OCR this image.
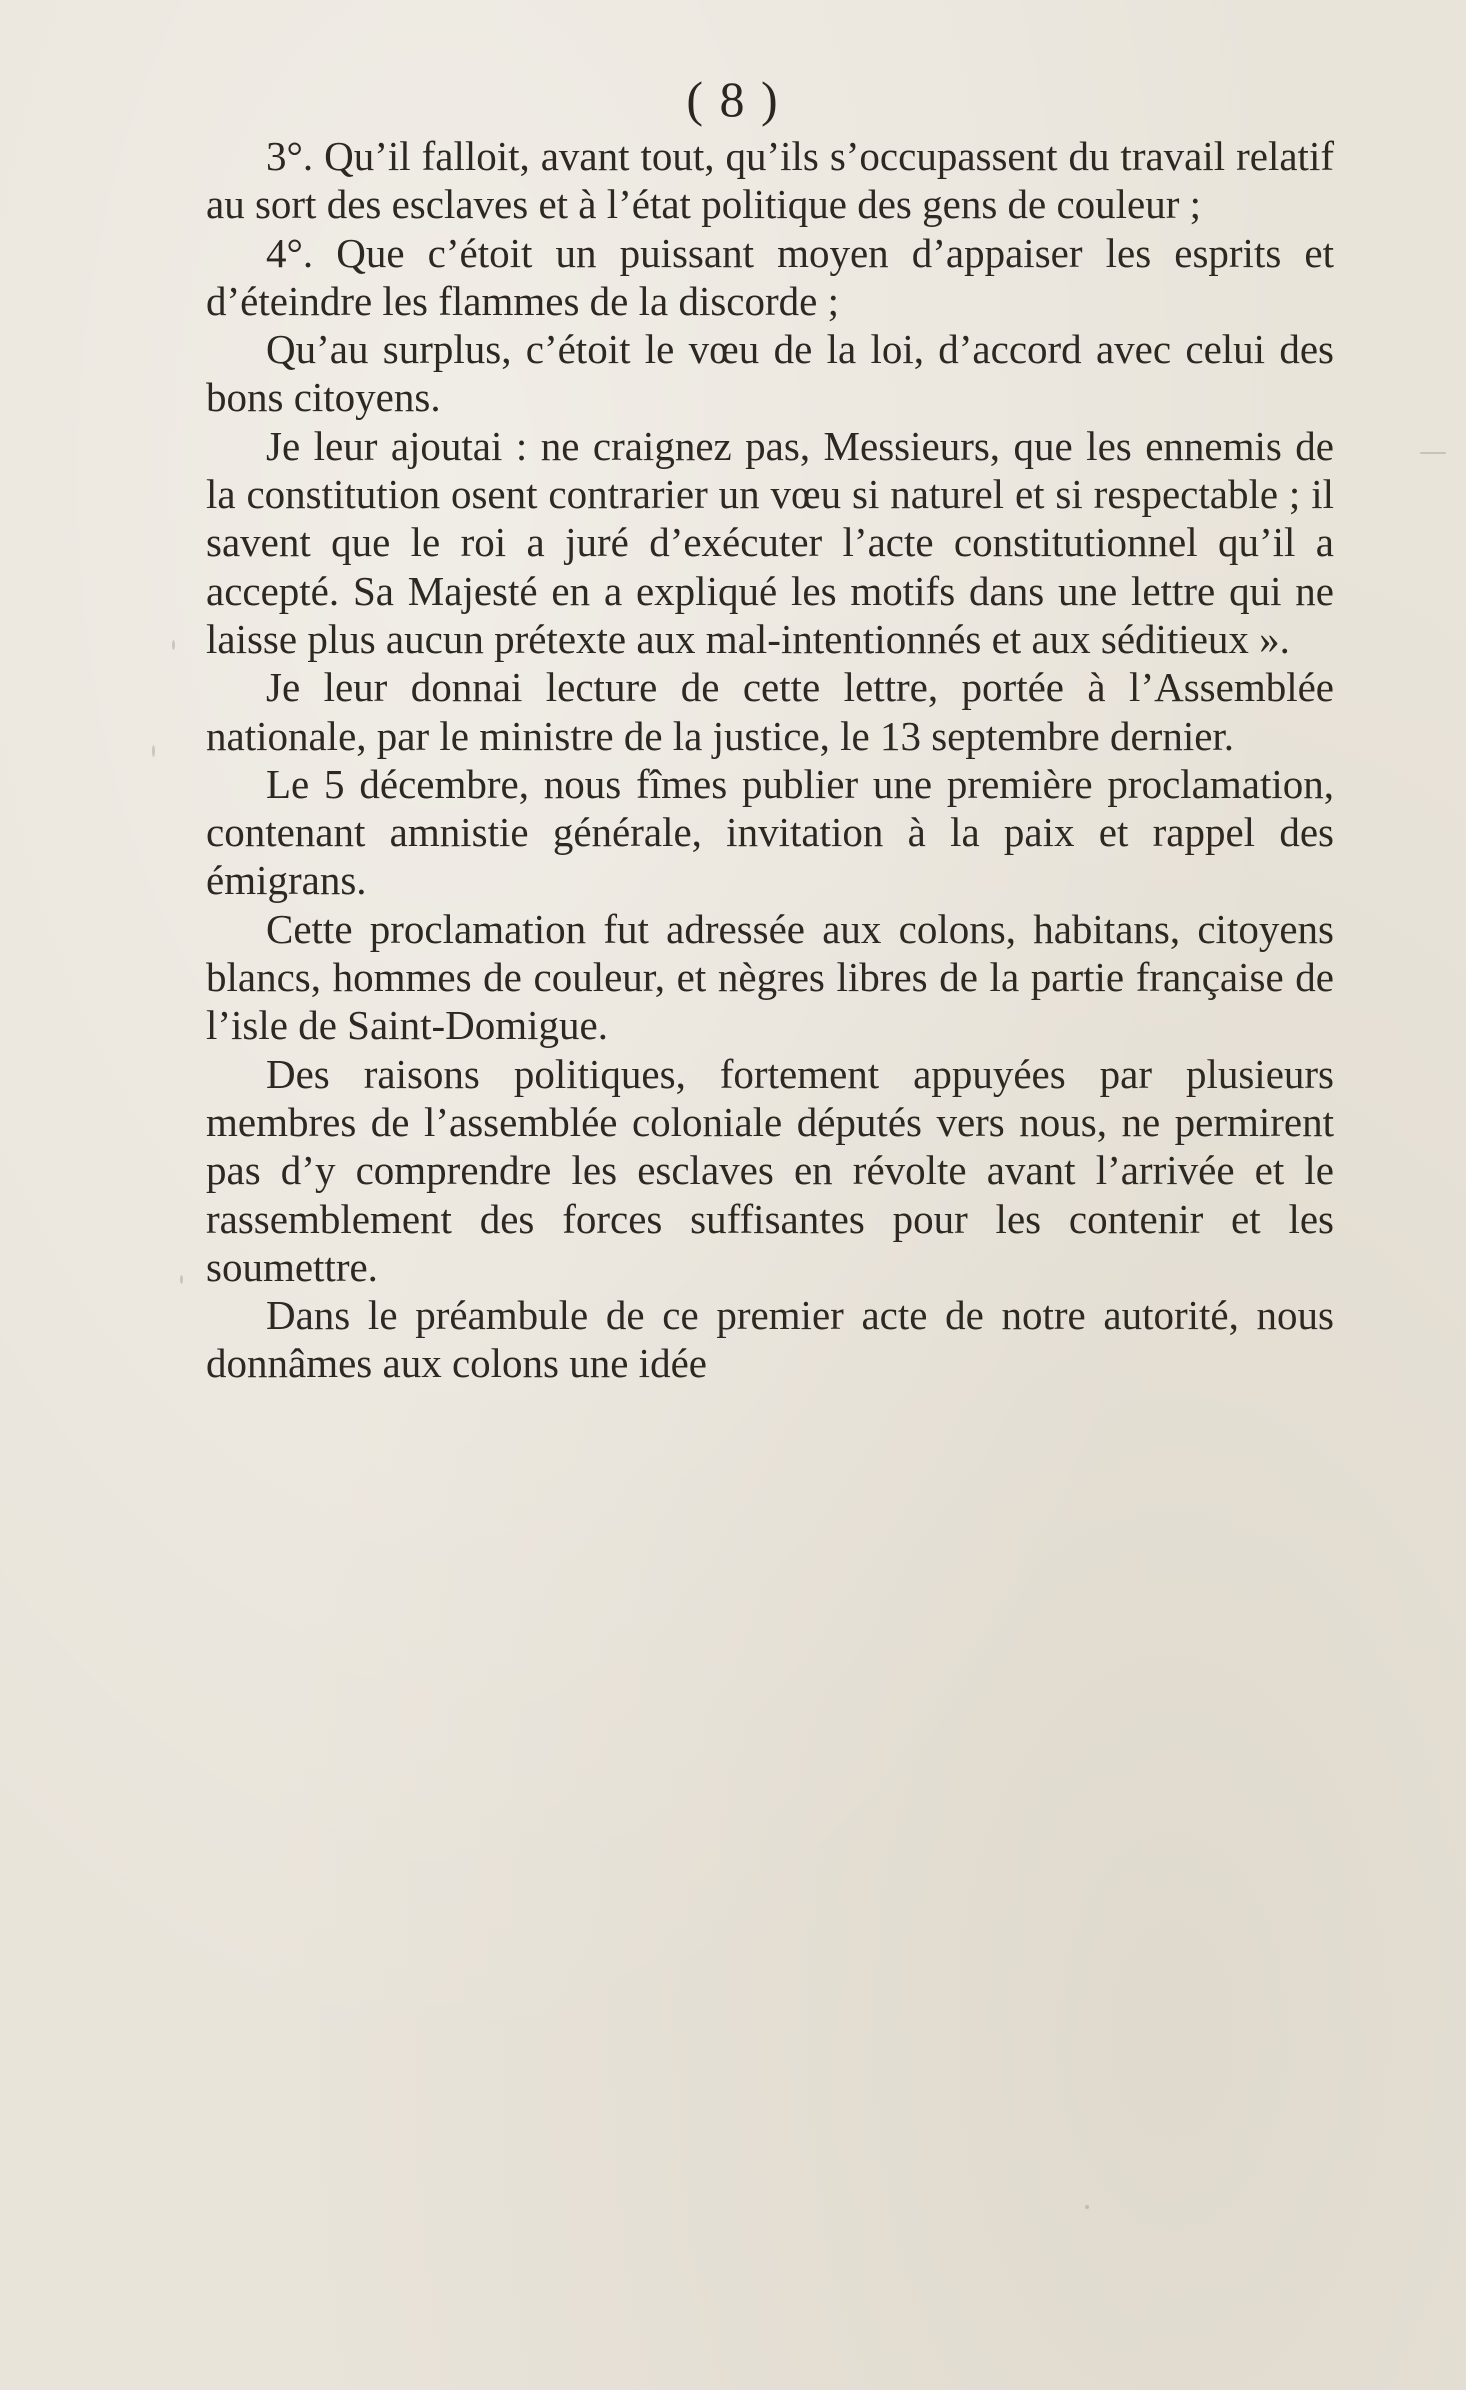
( 8 )

3°. Qu’il falloit, avant tout, qu’ils s’occupassent du travail relatif au sort des esclaves et à l’état politique des gens de couleur ;

4°. Que c’étoit un puissant moyen d’appaiser les esprits et d’éteindre les flammes de la discorde ;

Qu’au surplus, c’étoit le vœu de la loi, d’accord avec celui des bons citoyens.

Je leur ajoutai : ne craignez pas, Messieurs, que les ennemis de la constitution osent contrarier un vœu si naturel et si respectable ; il savent que le roi a juré d’exécuter l’acte constitutionnel qu’il a accepté. Sa Majesté en a expliqué les motifs dans une lettre qui ne laisse plus aucun prétexte aux mal-intentionnés et aux séditieux ».

Je leur donnai lecture de cette lettre, portée à l’Assemblée nationale, par le ministre de la justice, le 13 septembre dernier.

Le 5 décembre, nous fîmes publier une première proclamation, contenant amnistie générale, invitation à la paix et rappel des émigrans.

Cette proclamation fut adressée aux colons, habitans, citoyens blancs, hommes de couleur, et nègres libres de la partie française de l’isle de Saint-Domigue.

Des raisons politiques, fortement appuyées par plusieurs membres de l’assemblée coloniale députés vers nous, ne permirent pas d’y comprendre les esclaves en révolte avant l’arrivée et le rassemblement des forces suffisantes pour les contenir et les soumettre.

Dans le préambule de ce premier acte de notre autorité, nous donnâmes aux colons une idée
